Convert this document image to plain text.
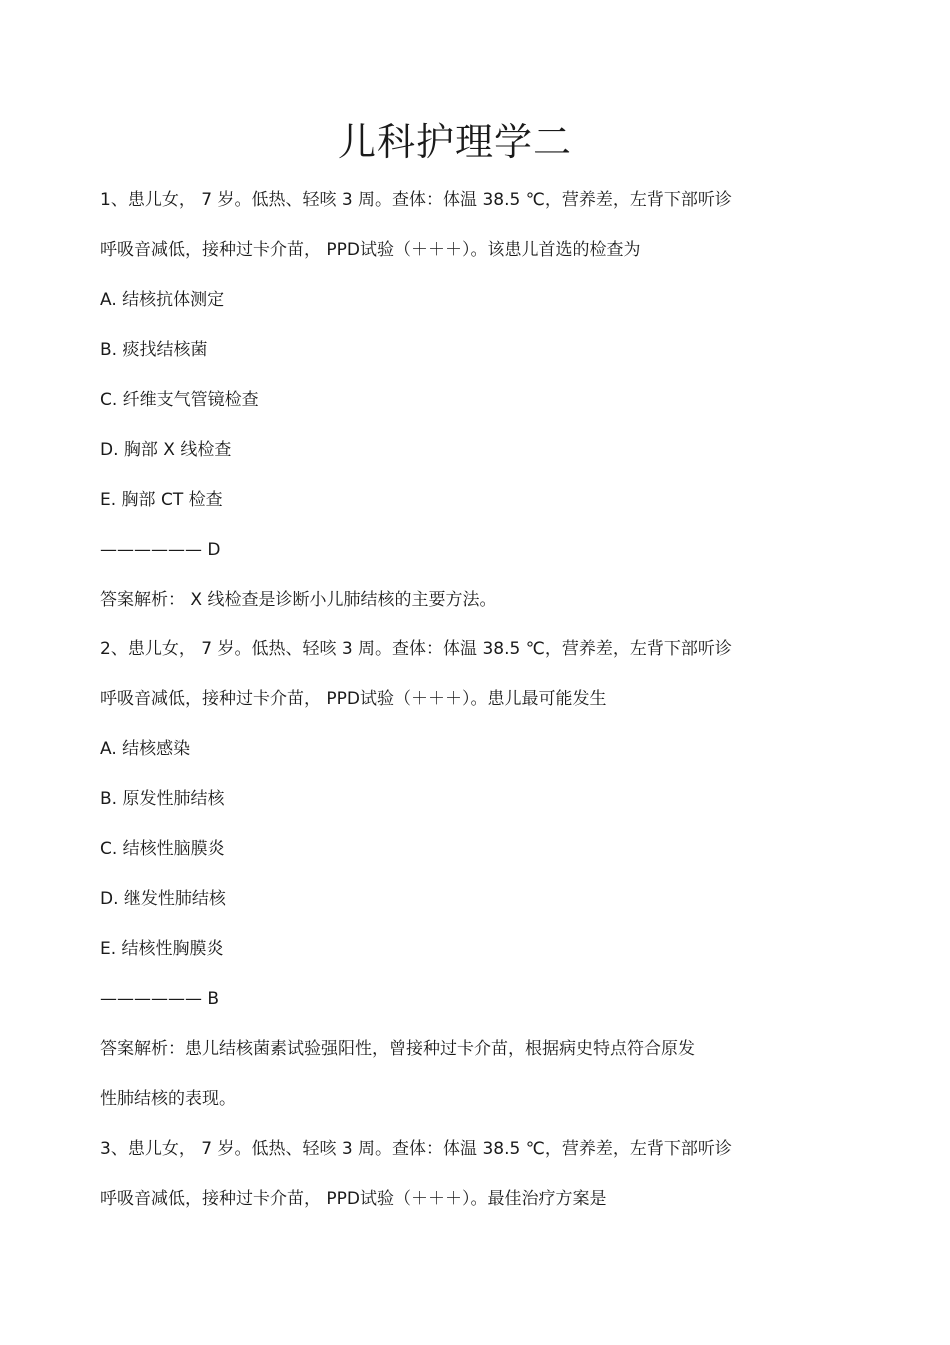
儿科护理学二
1、患儿女， 7 岁。低热、轻咳 3 周。查体：体温 38.5 ℃，营养差，左背下部听诊
呼吸音减低，接种过卡介苗， PPD试验（＋＋＋）。该患儿首选的检查为
A. 结核抗体测定
B. 痰找结核菌
C. 纤维支气管镜检查
D. 胸部 X 线检查
E. 胸部 CT 检查
—————— D
答案解析： X 线检查是诊断小儿肺结核的主要方法。
2、患儿女， 7 岁。低热、轻咳 3 周。查体：体温 38.5 ℃，营养差，左背下部听诊
呼吸音减低，接种过卡介苗， PPD试验（＋＋＋）。患儿最可能发生
A. 结核感染
B. 原发性肺结核
C. 结核性脑膜炎
D. 继发性肺结核
E. 结核性胸膜炎
—————— B
答案解析：患儿结核菌素试验强阳性，曾接种过卡介苗，根据病史特点符合原发
性肺结核的表现。
3、患儿女， 7 岁。低热、轻咳 3 周。查体：体温 38.5 ℃，营养差，左背下部听诊
呼吸音减低，接种过卡介苗， PPD试验（＋＋＋）。最佳治疗方案是
